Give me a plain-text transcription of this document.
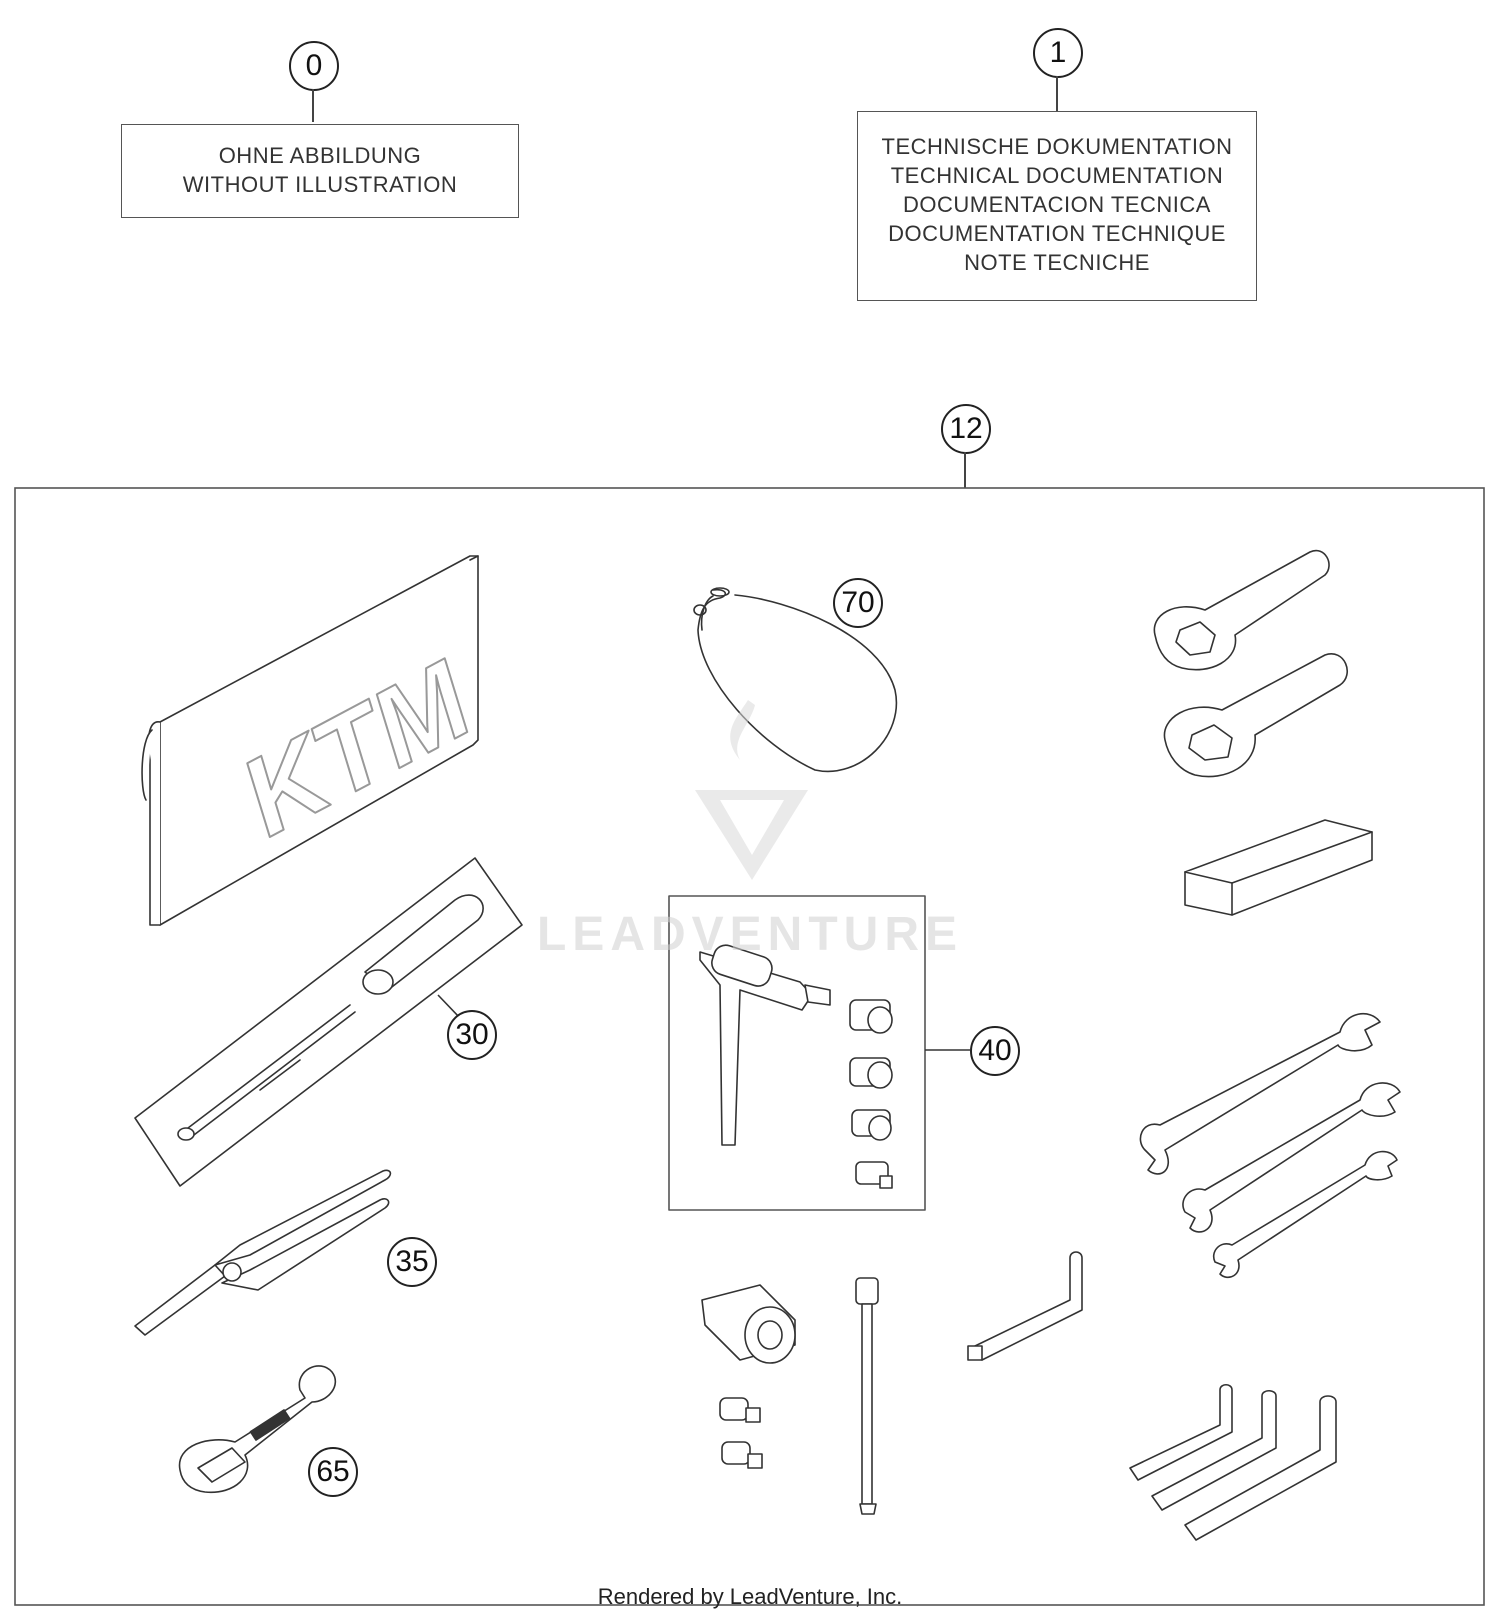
0
OHNE ABBILDUNG
WITHOUT ILLUSTRATION
1
TECHNISCHE DOKUMENTATION
TECHNICAL DOCUMENTATION
DOCUMENTACION TECNICA
DOCUMENTATION TECHNIQUE
NOTE TECNICHE
12
KTM
70
30	40
35
65
LEADVENTURE
Rendered by LeadVenture, Inc.
